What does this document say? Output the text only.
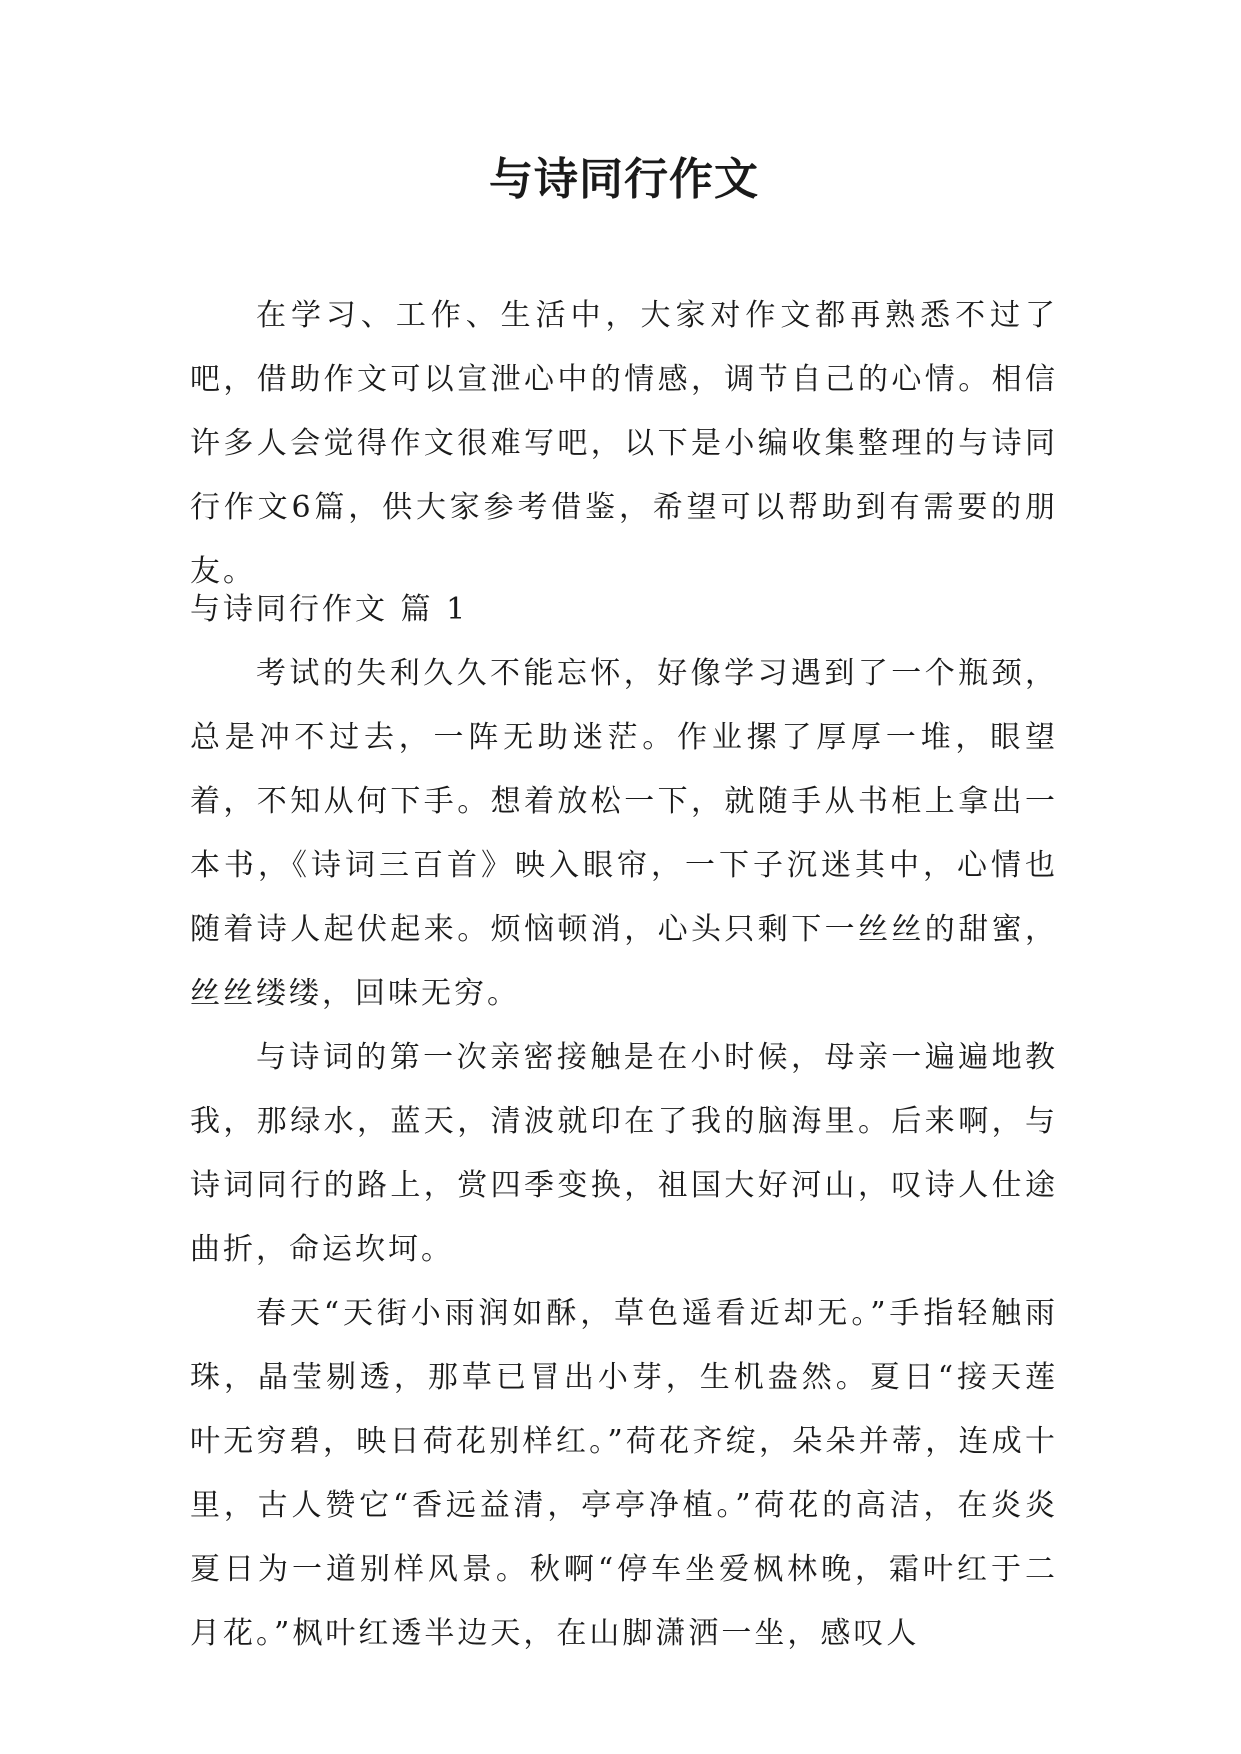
与诗同行作文

在学习、工作、生活中，大家对作文都再熟悉不过了吧，借助作文可以宣泄心中的情感，调节自己的心情。相信许多人会觉得作文很难写吧，以下是小编收集整理的与诗同行作文6篇，供大家参考借鉴，希望可以帮助到有需要的朋友。

与诗同行作文 篇 1

考试的失利久久不能忘怀，好像学习遇到了一个瓶颈，总是冲不过去，一阵无助迷茫。作业摞了厚厚一堆，眼望着，不知从何下手。想着放松一下，就随手从书柜上拿出一本书，《诗词三百首》映入眼帘，一下子沉迷其中，心情也随着诗人起伏起来。烦恼顿消，心头只剩下一丝丝的甜蜜，丝丝缕缕，回味无穷。

与诗词的第一次亲密接触是在小时候，母亲一遍遍地教我，那绿水，蓝天，清波就印在了我的脑海里。后来啊，与诗词同行的路上，赏四季变换，祖国大好河山，叹诗人仕途曲折，命运坎坷。

春天“天街小雨润如酥，草色遥看近却无。”手指轻触雨珠，晶莹剔透，那草已冒出小芽，生机盎然。夏日“接天莲叶无穷碧，映日荷花别样红。”荷花齐绽，朵朵并蒂，连成十里，古人赞它“香远益清，亭亭净植。”荷花的高洁，在炎炎夏日为一道别样风景。秋啊“停车坐爱枫林晚，霜叶红于二月花。”枫叶红透半边天，在山脚潇洒一坐，感叹人
